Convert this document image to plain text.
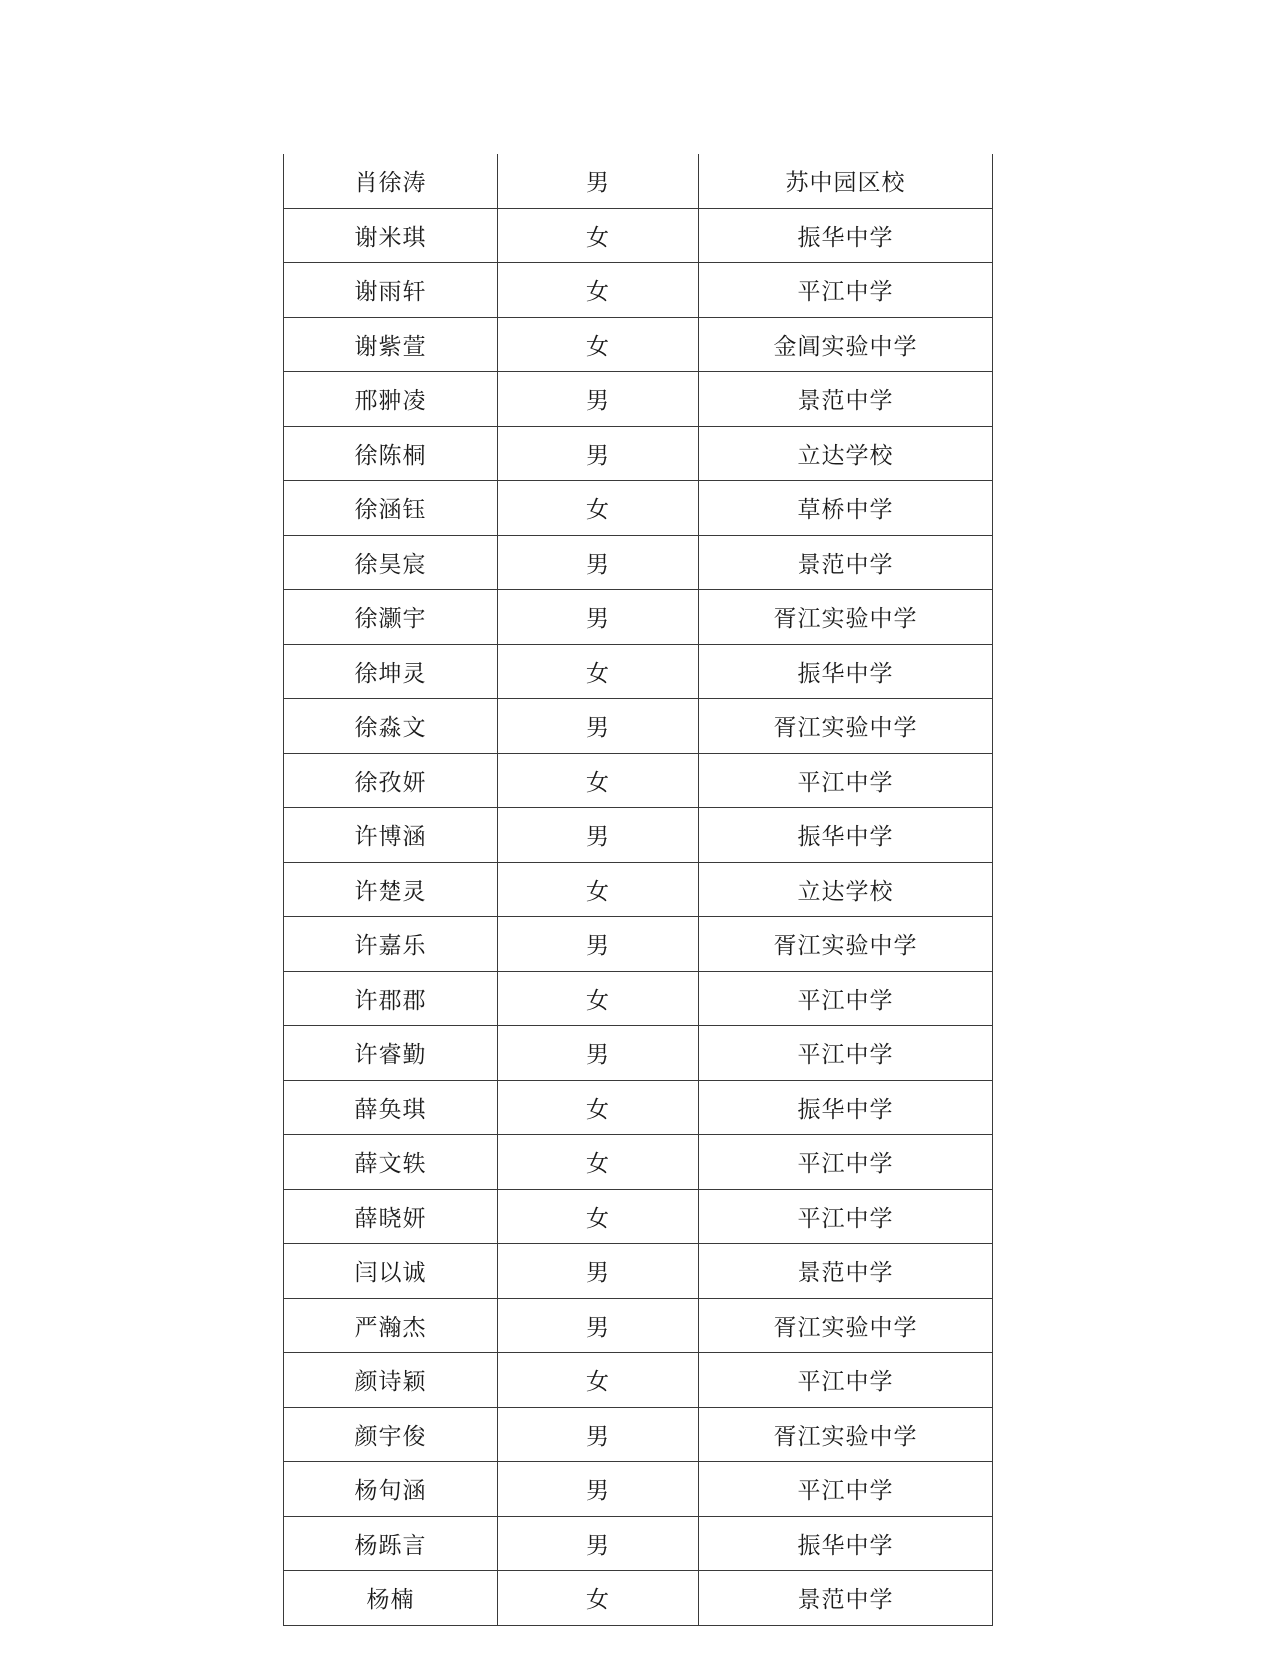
肖徐涛	男	苏中园区校
谢米琪	女	振华中学
谢雨轩	女	平江中学
谢紫萱	女	金阊实验中学
邢翀凌	男	景范中学
徐陈桐	男	立达学校
徐涵钰	女	草桥中学
徐昊宸	男	景范中学
徐灏宇	男	胥江实验中学
徐坤灵	女	振华中学
徐淼文	男	胥江实验中学
徐孜妍	女	平江中学
许博涵	男	振华中学
许楚灵	女	立达学校
许嘉乐	男	胥江实验中学
许郡郡	女	平江中学
许睿勤	男	平江中学
薛奂琪	女	振华中学
薛文轶	女	平江中学
薛晓妍	女	平江中学
闫以诚	男	景范中学
严瀚杰	男	胥江实验中学
颜诗颖	女	平江中学
颜宇俊	男	胥江实验中学
杨句涵	男	平江中学
杨跞言	男	振华中学
杨楠	女	景范中学
